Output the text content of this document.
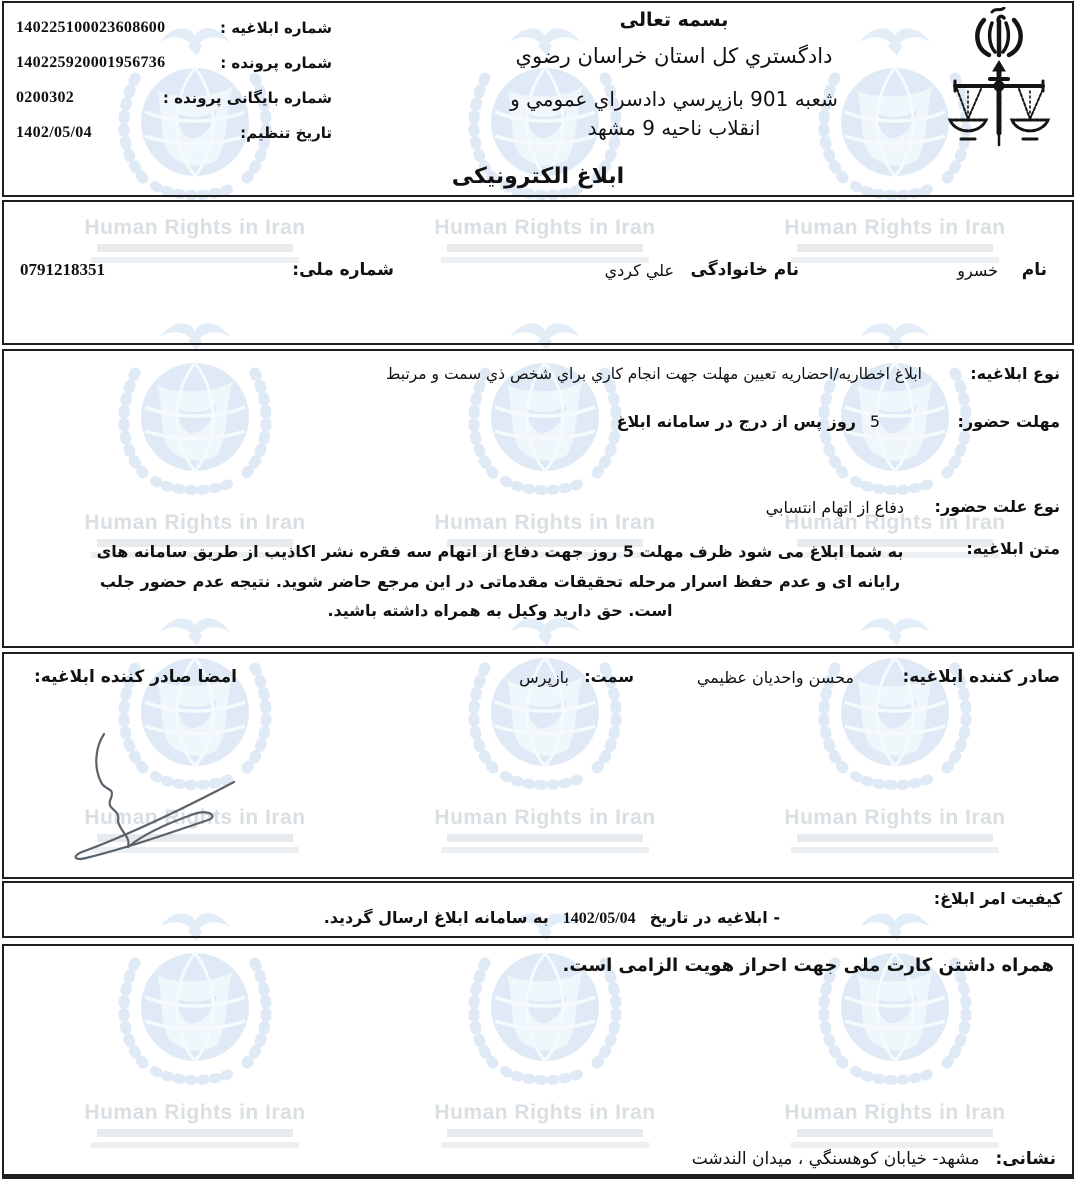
Human Rights in Iran	Human Rights in Iran	Human Rights in Iran
Human Rights in Iran	Human Rights in Iran	Human Rights in Iran
Human Rights in Iran	Human Rights in Iran	Human Rights in Iran
Human Rights in Iran	Human Rights in Iran	Human Rights in Iran
140225100023608600	شماره ابلاغيه :
140225920001956736	شماره پرونده :
0200302	شماره بایگانی پرونده :
1402/05/04	تاریخ تنظیم:
بسمه تعالی
دادگستري کل استان خراسان رضوي
شعبه 901 بازپرسي دادسراي عمومي و
انقلاب ناحيه 9 مشهد
ابلاغ الکترونیکی
نام
خسرو
نام خانوادگی
علي کردي
شماره ملی:
0791218351
نوع ابلاغیه:
ابلاغ اخطاریه/احضاریه تعیین مهلت جهت انجام کاري براي شخص ذي سمت و مرتبط
مهلت حضور:
5
روز پس از درج در سامانه ابلاغ
نوع علت حضور:
دفاع از اتهام انتسابي
متن ابلاغیه:
به شما ابلاغ می شود ظرف مهلت 5 روز جهت دفاع از اتهام سه فقره نشر اکاذیب از طریق سامانه های رایانه ای و عدم حفظ اسرار مرحله تحقیقات مقدماتی در این مرجع حاضر شوید. نتیجه عدم حضور جلب است. حق دارید وکیل به همراه داشته باشید.
صادر کننده ابلاغیه:
محسن واحدیان عظیمي
سمت:
بازپرس
امضا صادر کننده ابلاغیه:
کیفیت امر ابلاغ:
- ابلاغیه در تاریخ1402/05/04به سامانه ابلاغ ارسال گردید.
همراه داشتن کارت ملی جهت احراز هویت الزامی است.
نشانی:مشهد- خیابان کوهسنگي ، میدان الندشت
